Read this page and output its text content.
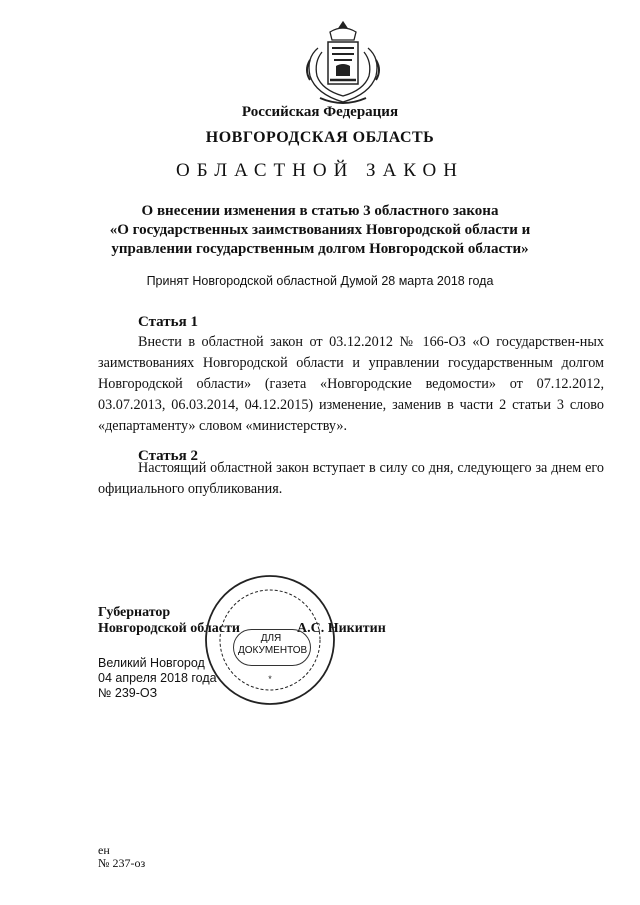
Российская Федерация
НОВГОРОДСКАЯ ОБЛАСТЬ
ОБЛАСТНОЙ ЗАКОН
О внесении изменения в статью 3 областного закона
«О государственных заимствованиях Новгородской области и
управлении государственным долгом Новгородской области»
Принят Новгородской областной Думой 28 марта 2018 года
Статья 1
Внести в областной закон от 03.12.2012 № 166-ОЗ «О государствен-ных заимствованиях Новгородской области и управлении государственным долгом Новгородской области» (газета «Новгородские ведомости» от 07.12.2012, 03.07.2013, 06.03.2014, 04.12.2015) изменение, заменив в части 2 статьи 3 слово «департаменту» словом «министерству».
Статья 2
Настоящий областной закон вступает в силу со дня, следующего за днем его официального опубликования.
Губернатор
Новгородской области	А.С. Никитин
Великий Новгород
04 апреля 2018 года
№ 239-ОЗ
*
ДЛЯ
ДОКУМЕНТОВ
ен
№ 237-оз
